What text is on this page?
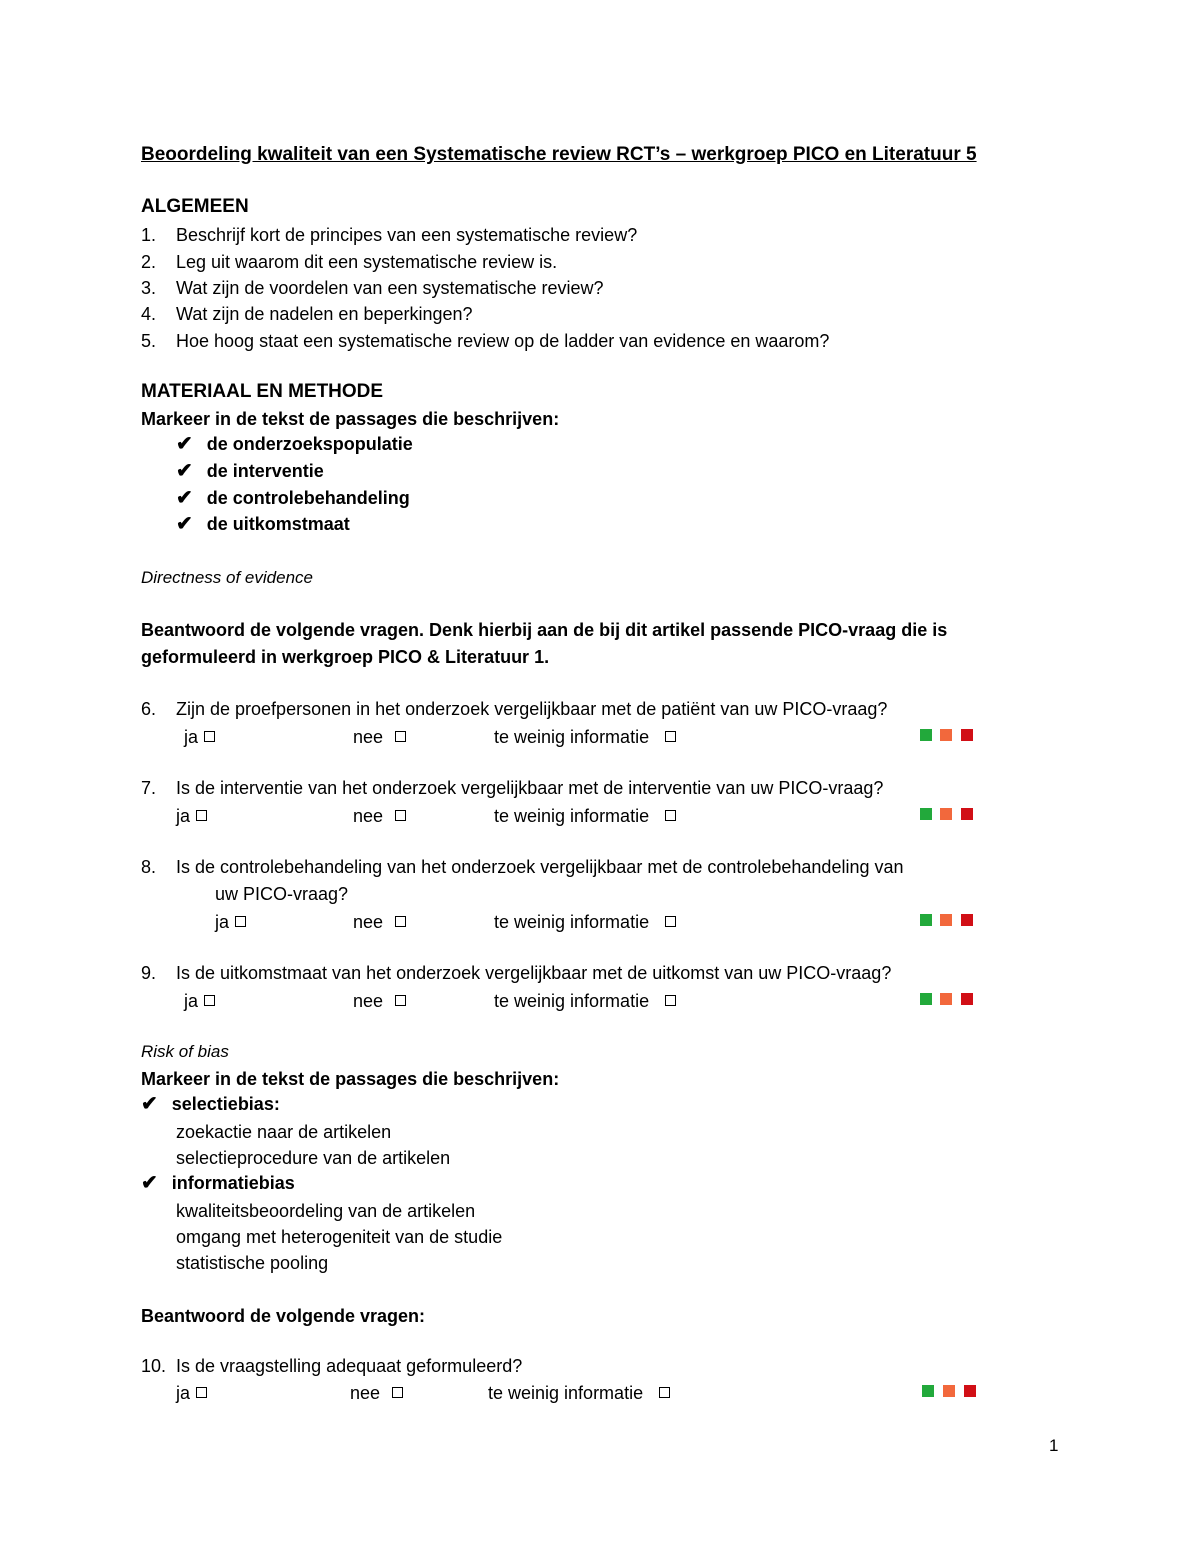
Beoordeling kwaliteit van een Systematische review RCT’s – werkgroep PICO en Literatuur 5
ALGEMEEN
1. Beschrijf kort de principes van een systematische review?
2. Leg uit waarom dit een systematische review is.
3. Wat zijn de voordelen van een systematische review?
4. Wat zijn de nadelen en beperkingen?
5. Hoe hoog staat een systematische review op de ladder van evidence en waarom?
MATERIAAL EN METHODE
Markeer in de tekst de passages die beschrijven:
✔ de onderzoekspopulatie
✔ de interventie
✔ de controlebehandeling
✔ de uitkomstmaat
Directness of evidence
Beantwoord de volgende vragen. Denk hierbij aan de bij dit artikel passende PICO-vraag die is
geformuleerd in werkgroep PICO & Literatuur 1.
6. Zijn de proefpersonen in het onderzoek vergelijkbaar met de patiënt van uw PICO-vraag?
ja	nee	te weinig informatie
7. Is de interventie van het onderzoek vergelijkbaar met de interventie van uw PICO-vraag?
ja	nee	te weinig informatie
8. Is de controlebehandeling van het onderzoek vergelijkbaar met de controlebehandeling van
uw PICO-vraag?
ja	nee	te weinig informatie
9. Is de uitkomstmaat van het onderzoek vergelijkbaar met de uitkomst van uw PICO-vraag?
ja	nee	te weinig informatie
Risk of bias
Markeer in de tekst de passages die beschrijven:
✔ selectiebias:
zoekactie naar de artikelen
selectieprocedure van de artikelen
✔ informatiebias
kwaliteitsbeoordeling van de artikelen
omgang met heterogeniteit van de studie
statistische pooling
Beantwoord de volgende vragen:
10. Is de vraagstelling adequaat geformuleerd?
ja	nee	te weinig informatie
1
